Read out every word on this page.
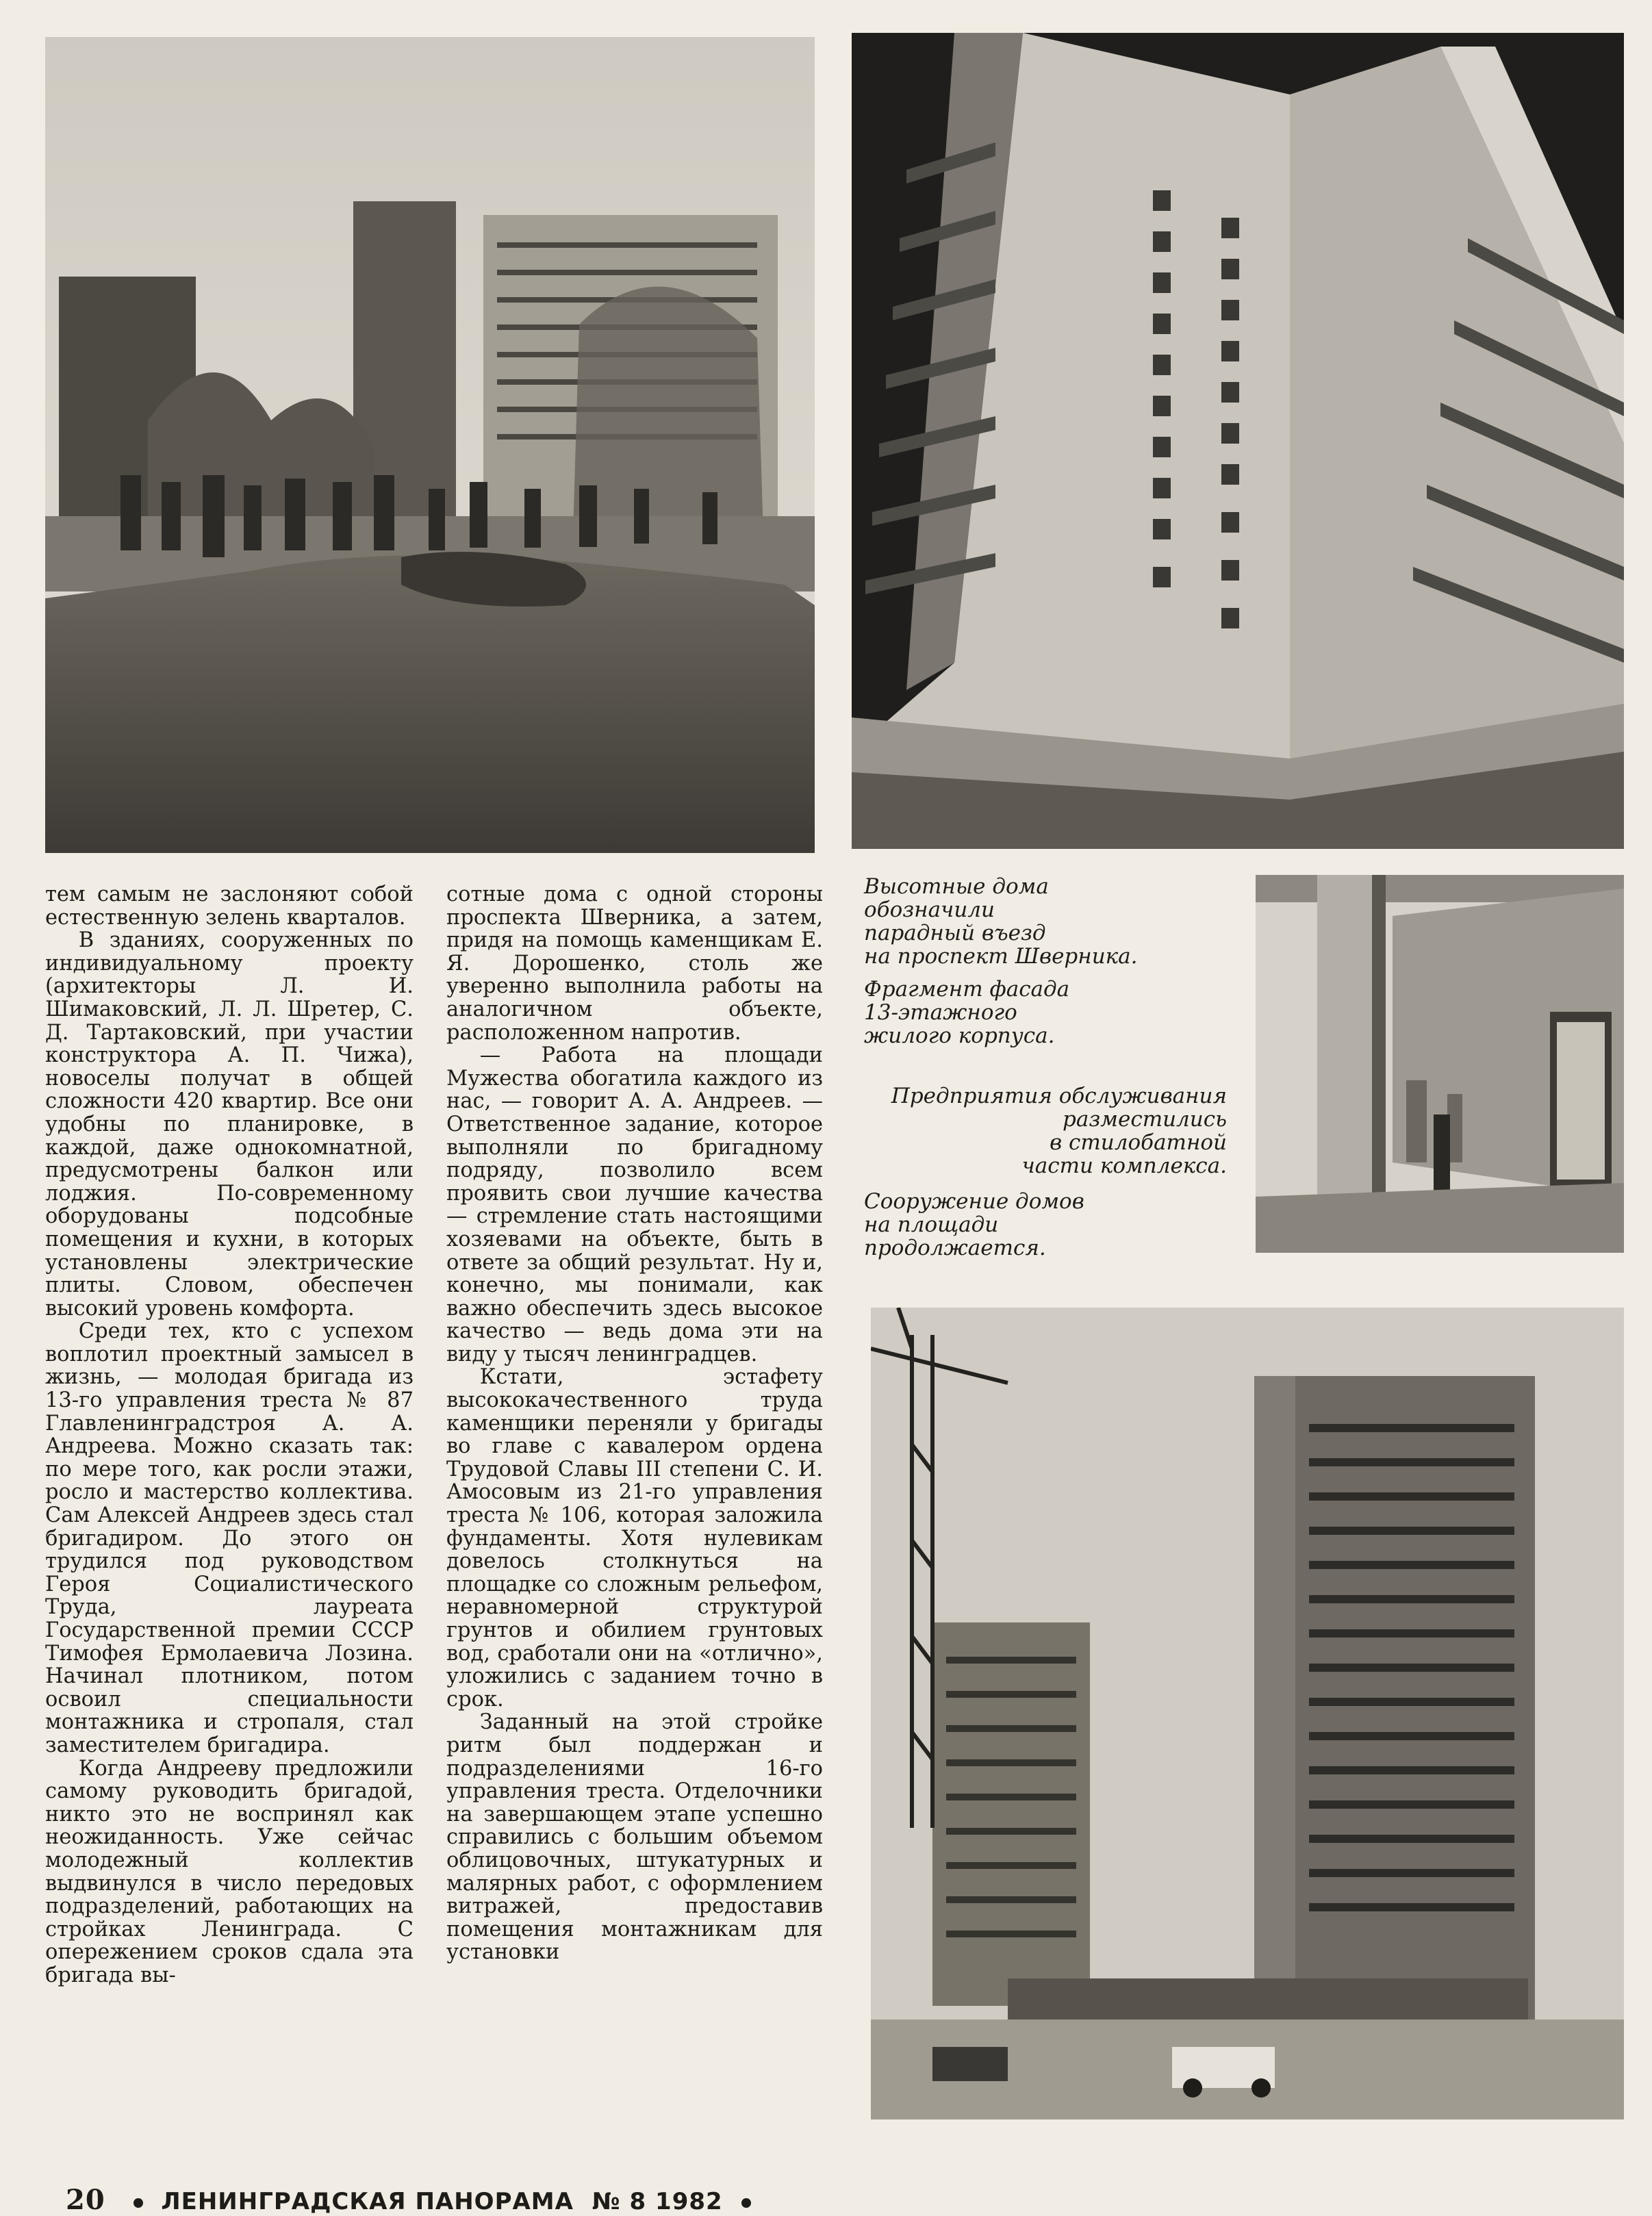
тем самым не заслоняют собой естественную зелень кварталов.

В зданиях, сооруженных по индивидуальному проекту (архитекторы Л. И. Шимаковский, Л. Л. Шретер, С. Д. Тартаковский, при участии конструктора А. П. Чижа), новоселы получат в общей сложности 420 квартир. Все они удобны по планировке, в каждой, даже однокомнатной, предусмотрены балкон или лоджия. По-современному оборудованы подсобные помещения и кухни, в которых установлены электрические плиты. Словом, обеспечен высокий уровень комфорта.

Среди тех, кто с успехом воплотил проектный замысел в жизнь, — молодая бригада из 13-го управления треста № 87 Главленинградстроя А. А. Андреева. Можно сказать так: по мере того, как росли этажи, росло и мастерство коллектива. Сам Алексей Андреев здесь стал бригадиром. До этого он трудился под руководством Героя Социалистического Труда, лауреата Государственной премии СССР Тимофея Ермолаевича Лозина. Начинал плотником, потом освоил специальности монтажника и стропаля, стал заместителем бригадира.

Когда Андрееву предложили самому руководить бригадой, никто это не воспринял как неожиданность. Уже сейчас молодежный коллектив выдвинулся в число передовых подразделений, работающих на стройках Ленинграда. С опережением сроков сдала эта бригада вы-

сотные дома с одной стороны проспекта Шверника, а затем, придя на помощь каменщикам Е. Я. Дорошенко, столь же уверенно выполнила работы на аналогичном объекте, расположенном напротив.

— Работа на площади Мужества обогатила каждого из нас, — говорит А. А. Андреев. — Ответственное задание, которое выполняли по бригадному подряду, позволило всем проявить свои лучшие качества — стремление стать настоящими хозяевами на объекте, быть в ответе за общий результат. Ну и, конечно, мы понимали, как важно обеспечить здесь высокое качество — ведь дома эти на виду у тысяч ленинградцев.

Кстати, эстафету высококачественного труда каменщики переняли у бригады во главе с кавалером ордена Трудовой Славы III степени С. И. Амосовым из 21-го управления треста № 106, которая заложила фундаменты. Хотя нулевикам довелось столкнуться на площадке со сложным рельефом, неравномерной структурой грунтов и обилием грунтовых вод, сработали они на «отлично», уложились с заданием точно в срок.

Заданный на этой стройке ритм был поддержан и подразделениями 16-го управления треста. Отделочники на завершающем этапе успешно справились с большим объемом облицовочных, штукатурных и малярных работ, с оформлением витражей, предоставив помещения монтажникам для установки

Высотные дома
обозначили
парадный въезд
на проспект Шверника.
Фрагмент фасада
13-этажного
жилого корпуса.
Предприятия обслуживания
разместились
в стилобатной
части комплекса.
Сооружение домов
на площади
продолжается.
20 ЛЕНИНГРАДСКАЯ ПАНОРАМА № 8 1982
